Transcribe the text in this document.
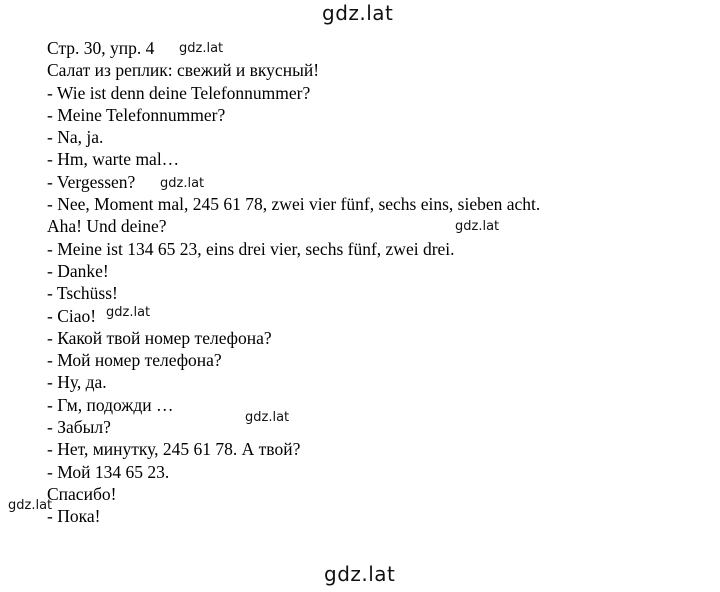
gdz.lat
Стр. 30, упр. 4
Салат из реплик: свежий и вкусный!
- Wie ist denn deine Telefonnummer?
- Meine Telefonnummer?
- Na, ja.
- Hm, warte mal…
- Vergessen?
- Nee, Moment mal, 245 61 78, zwei vier fünf, sechs eins, sieben acht.
Aha! Und deine?
- Meine ist 134 65 23, eins drei vier, sechs fünf, zwei drei.
- Danke!
- Tschüss!
- Ciao!
- Какой твой номер телефона?
- Мой номер телефона?
- Ну, да.
- Гм, подожди …
- Забыл?
- Нет, минутку, 245 61 78. А твой?
- Мой 134 65 23.
Спасибо!
- Пока!
gdz.lat
gdz.lat
gdz.lat
gdz.lat
gdz.lat
gdz.lat
gdz.lat
